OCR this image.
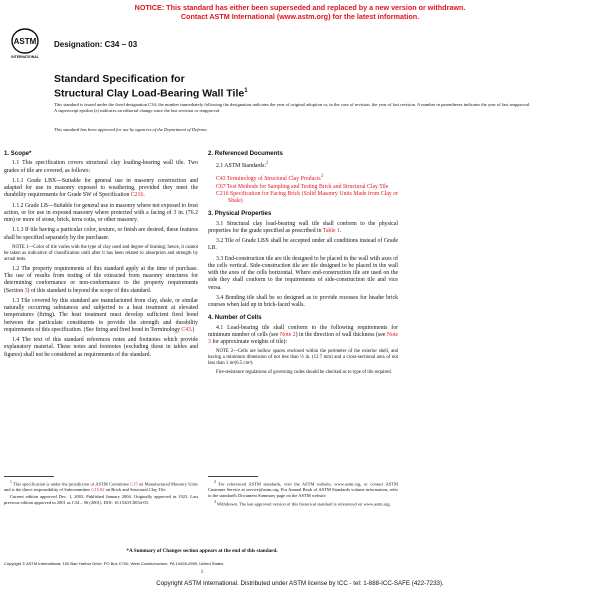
NOTICE: This standard has either been superseded and replaced by a new version or withdrawn.
Contact ASTM International (www.astm.org) for the latest information.
ASTM
INTERNATIONAL
Designation: C34 – 03
Standard Specification for
Structural Clay Load-Bearing Wall Tile$^1$
This standard is issued under the fixed designation C34; the number immediately following the designation indicates the year of original adoption or, in the case of revision, the year of last revision. A number in parentheses indicates the year of last reapproval. A superscript epsilon (ε) indicates an editorial change since the last revision or reapproval.
This standard has been approved for use by agencies of the Department of Defense.
1. Scope*

1.1 This specification covers structural clay loading-bearing wall tile. Two grades of tile are covered, as follows:

1.1.1 Grade LBX—Suitable for general use in masonry construction and adapted for use in masonry exposed to weathering, provided they meet the durability requirements for Grade SW of Specification C216.

1.1.2 Grade LB—Suitable for general use in masonry where not exposed to frost action, or for use in exposed masonry where protected with a facing of 3 in. (76.2 mm) or more of stone, brick, terra cotta, or other masonry.

1.1.3 If tile having a particular color, texture, or finish are desired, these features shall be specified separately by the purchaser.

NOTE 1—Color of tile varies with the type of clay used and degree of burning; hence, it cannot be taken as indicative of classification until after it has been related to absorption and strength by actual tests.

1.2 The property requirements of this standard apply at the time of purchase. The use of results from testing of tile extracted from masonry structures for determining conformance or non-conformance to the property requirements (Section 3) of this standard is beyond the scope of this standard.

1.3 Tile covered by this standard are manufactured from clay, shale, or similar naturally occurring substances and subjected to a heat treatment at elevated temperatures (firing). The heat treatment must develop sufficient fired bond between the particulate constituents to provide the strength and durability requirements of this specification. (See firing and fired bond in Terminology C43.)

1.4 The text of this standard references notes and footnotes which provide explanatory material. These notes and footnotes (excluding those in tables and figures) shall not be considered as requirements of the standard.

2. Referenced Documents

2.1 ASTM Standards:$^2$

C43 Terminology of Structural Clay Products$^3$
C67 Test Methods for Sampling and Testing Brick and Structural Clay Tile
C216 Specification for Facing Brick (Solid Masonry Units Made from Clay or Shale)
3. Physical Properties

3.1 Structural clay load-bearing wall tile shall conform to the physical properties for the grade specified as prescribed in Table 1.

3.2 Tile of Grade LBX shall be accepted under all conditions instead of Grade LB.

3.3 End-construction tile are tile designed to be placed in the wall with axes of the cells vertical. Side-construction tile are tile designed to be placed in the wall with the axes of the cells horizontal. Where end-construction tile are used on the side they shall conform to the requirements of side-construction tile and vice versa.

3.4 Bonding tile shall be so designed as to provide recesses for header brick courses when laid up in brick-faced walls.

4. Number of Cells

4.1 Load-bearing tile shall conform to the following requirements for minimum number of cells (see Note 2) in the direction of wall thickness (see Note 3 for approximate weights of tile):

NOTE 2—Cells are hollow spaces enclosed within the perimeter of the exterior shell, and having a minimum dimension of not less than ½ in. (12.7 mm) and a cross-sectional area of not less than 1 in²(6.5 cm²).

Fire-resistance regulations of governing codes should be checked as to type of tile required.

$^1$ This specification is under the jurisdiction of ASTM Committee C15 on Manufactured Masonry Units and is the direct responsibility of Subcommittee C15.02 on Brick and Structural Clay Tile.

Current edition approved Dec. 1, 2003. Published January 2004. Originally approved in 1923. Last previous edition approved in 2001 as C34 – 96 (2001). DOI: 10.1520/C0034-03.

$^2$ For referenced ASTM standards, visit the ASTM website, www.astm.org, or contact ASTM Customer Service at service@astm.org. For Annual Book of ASTM Standards volume information, refer to the standard's Document Summary page on the ASTM website.

$^3$ Withdrawn. The last approved version of this historical standard is referenced on www.astm.org.

*A Summary of Changes section appears at the end of this standard.
Copyright © ASTM International, 100 Barr Harbor Drive, PO Box C700, West Conshohocken, PA 19428-2959, United States.
1
Copyright ASTM International. Distributed under ASTM license by ICC - tel: 1-888-ICC-SAFE (422-7233).
